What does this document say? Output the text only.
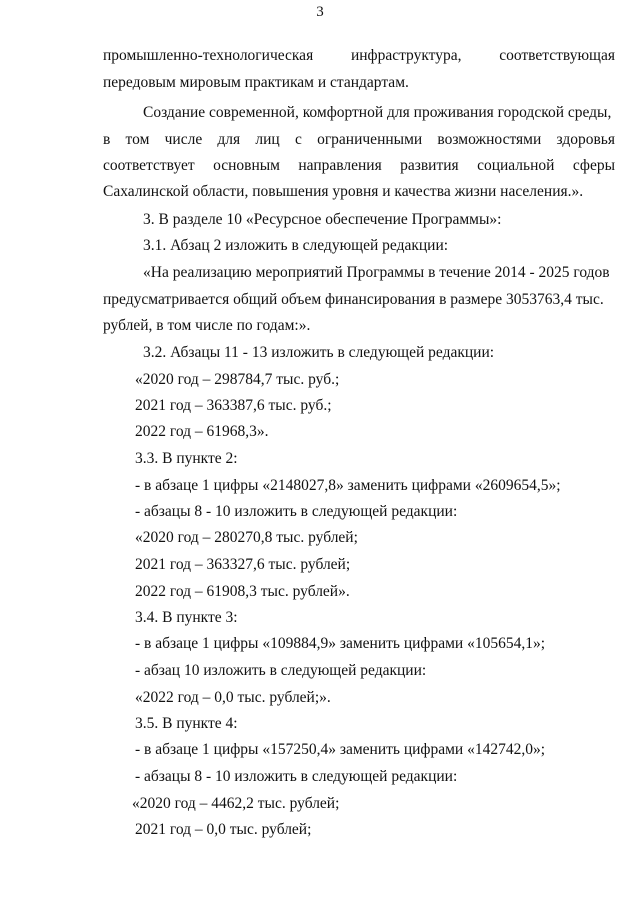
3
промышленно-технологическая инфраструктура, соответствующая
передовым мировым практикам и стандартам.
Создание современной, комфортной для проживания городской среды,
в том числе для лиц с ограниченными возможностями здоровья
соответствует основным направления развития социальной сферы
Сахалинской области, повышения уровня и качества жизни населения.».
3. В разделе 10 «Ресурсное обеспечение Программы»:
3.1. Абзац 2 изложить в следующей редакции:
«На реализацию мероприятий Программы в течение 2014 - 2025 годов
предусматривается общий объем финансирования в размере 3053763,4 тыс.
рублей, в том числе по годам:».
3.2. Абзацы 11 - 13 изложить в следующей редакции:
«2020 год – 298784,7 тыс. руб.;
2021 год – 363387,6 тыс. руб.;
2022 год – 61968,3».
3.3. В пункте 2:
- в абзаце 1 цифры «2148027,8» заменить цифрами «2609654,5»;
- абзацы 8 - 10 изложить в следующей редакции:
«2020 год – 280270,8 тыс. рублей;
2021 год – 363327,6 тыс. рублей;
2022 год – 61908,3 тыс. рублей».
3.4. В пункте 3:
- в абзаце 1 цифры «109884,9» заменить цифрами «105654,1»;
- абзац 10 изложить в следующей редакции:
«2022 год – 0,0 тыс. рублей;».
3.5. В пункте 4:
- в абзаце 1 цифры «157250,4» заменить цифрами «142742,0»;
- абзацы 8 - 10 изложить в следующей редакции:
«2020 год – 4462,2 тыс. рублей;
2021 год – 0,0 тыс. рублей;
